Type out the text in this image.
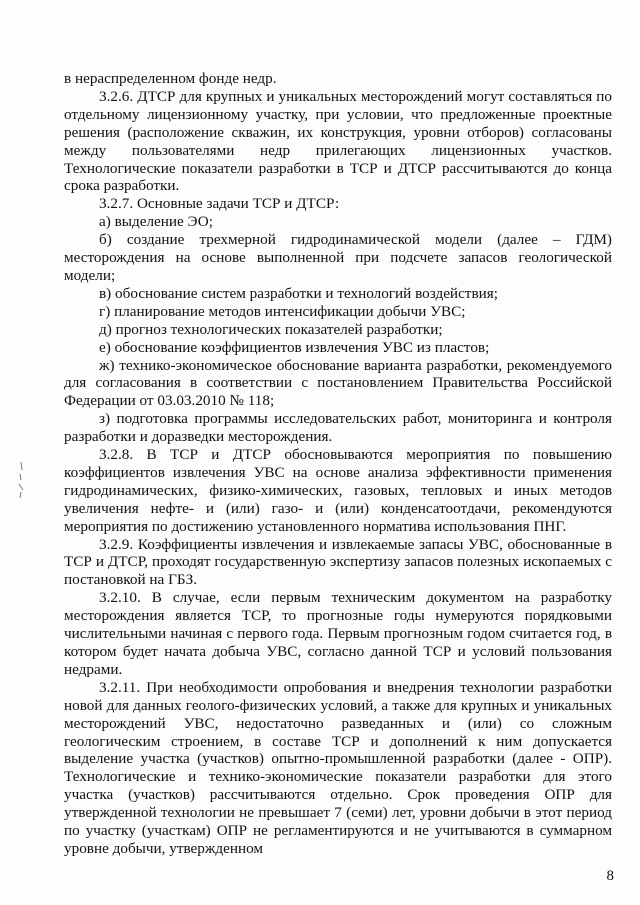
в нераспределенном фонде недр.

3.2.6. ДТСР для крупных и уникальных месторождений могут составляться по отдельному лицензионному участку, при условии, что предложенные проектные решения (расположение скважин, их конструкция, уровни отборов) согласованы между пользователями недр прилегающих лицензионных участков. Технологические показатели разработки в ТСР и ДТСР рассчитываются до конца срока разработки.

3.2.7. Основные задачи ТСР и ДТСР:

а) выделение ЭО;

б) создание трехмерной гидродинамической модели (далее – ГДМ) месторождения на основе выполненной при подсчете запасов геологической модели;

в) обоснование систем разработки и технологий воздействия;

г) планирование методов интенсификации добычи УВС;

д) прогноз технологических показателей разработки;

е) обоснование коэффициентов извлечения УВС из пластов;

ж) технико-экономическое обоснование варианта разработки, рекомендуемого для согласования в соответствии с постановлением Правительства Российской Федерации от 03.03.2010 № 118;

з) подготовка программы исследовательских работ, мониторинга и контроля разработки и доразведки месторождения.

3.2.8. В ТСР и ДТСР обосновываются мероприятия по повышению коэффициентов извлечения УВС на основе анализа эффективности применения гидродинамических, физико-химических, газовых, тепловых и иных методов увеличения нефте- и (или) газо- и (или) конденсатоотдачи, рекомендуются мероприятия по достижению установленного норматива использования ПНГ.

3.2.9. Коэффициенты извлечения и извлекаемые запасы УВС, обоснованные в ТСР и ДТСР, проходят государственную экспертизу запасов полезных ископаемых с постановкой на ГБЗ.

3.2.10. В случае, если первым техническим документом на разработку месторождения является ТСР, то прогнозные годы нумеруются порядковыми числительными начиная с первого года. Первым прогнозным годом считается год, в котором будет начата добыча УВС, согласно данной ТСР и условий пользования недрами.

3.2.11. При необходимости опробования и внедрения технологии разработки новой для данных геолого-физических условий, а также для крупных и уникальных месторождений УВС, недостаточно разведанных и (или) со сложным геологическим строением, в составе ТСР и дополнений к ним допускается выделение участка (участков) опытно-промышленной разработки (далее - ОПР). Технологические и технико-экономические показатели разработки для этого участка (участков) рассчитываются отдельно. Срок проведения ОПР для утвержденной технологии не превышает 7 (семи) лет, уровни добычи в этот период по участку (участкам) ОПР не регламентируются и не учитываются в суммарном уровне добычи, утвержденном

8
